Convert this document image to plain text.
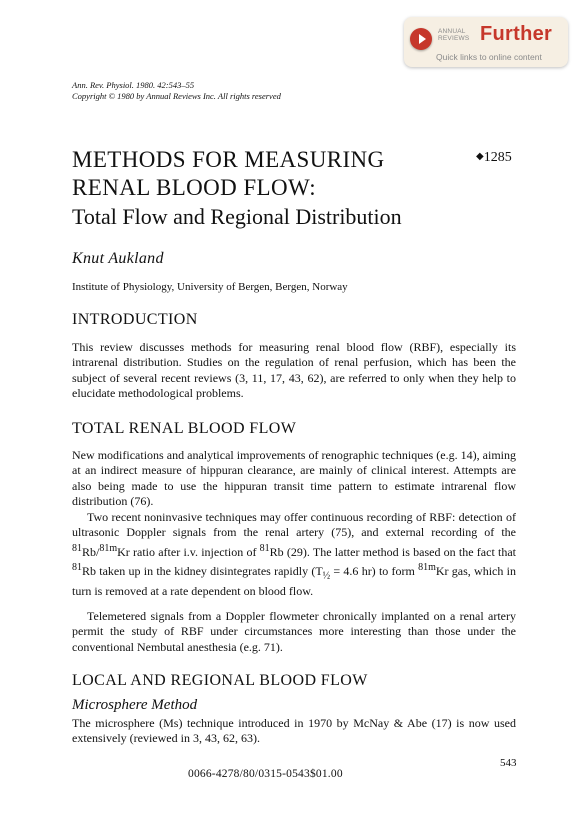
ANNUAL
REVIEWS Further
Quick links to online content
Ann. Rev. Physiol. 1980. 42:543–55
Copyright © 1980 by Annual Reviews Inc. All rights reserved
METHODS FOR MEASURING
RENAL BLOOD FLOW:
Total Flow and Regional Distribution
◆1285
Knut Aukland
Institute of Physiology, University of Bergen, Bergen, Norway
INTRODUCTION
This review discusses methods for measuring renal blood flow (RBF), especially its intrarenal distribution. Studies on the regulation of renal perfusion, which has been the subject of several recent reviews (3, 11, 17, 43, 62), are referred to only when they help to elucidate methodological problems.
TOTAL RENAL BLOOD FLOW
New modifications and analytical improvements of renographic techniques (e.g. 14), aiming at an indirect measure of hippuran clearance, are mainly of clinical interest. Attempts are also being made to use the hippuran transit time pattern to estimate intrarenal flow distribution (76).
Two recent noninvasive techniques may offer continuous recording of RBF: detection of ultrasonic Doppler signals from the renal artery (75), and external recording of the $^{81}$Rb/$^{81m}$Kr ratio after i.v. injection of $^{81}$Rb (29). The latter method is based on the fact that $^{81}$Rb taken up in the kidney disintegrates rapidly ($T_{\frac{1}{2}} = 4.6$ hr) to form $^{81m}$Kr gas, which in turn is removed at a rate dependent on blood flow.
Telemetered signals from a Doppler flowmeter chronically implanted on a renal artery permit the study of RBF under circumstances more interesting than those under the conventional Nembutal anesthesia (e.g. 71).
LOCAL AND REGIONAL BLOOD FLOW
Microsphere Method
The microsphere (Ms) technique introduced in 1970 by McNay & Abe (17) is now used extensively (reviewed in 3, 43, 62, 63).
543
0066-4278/80/0315-0543$01.00
